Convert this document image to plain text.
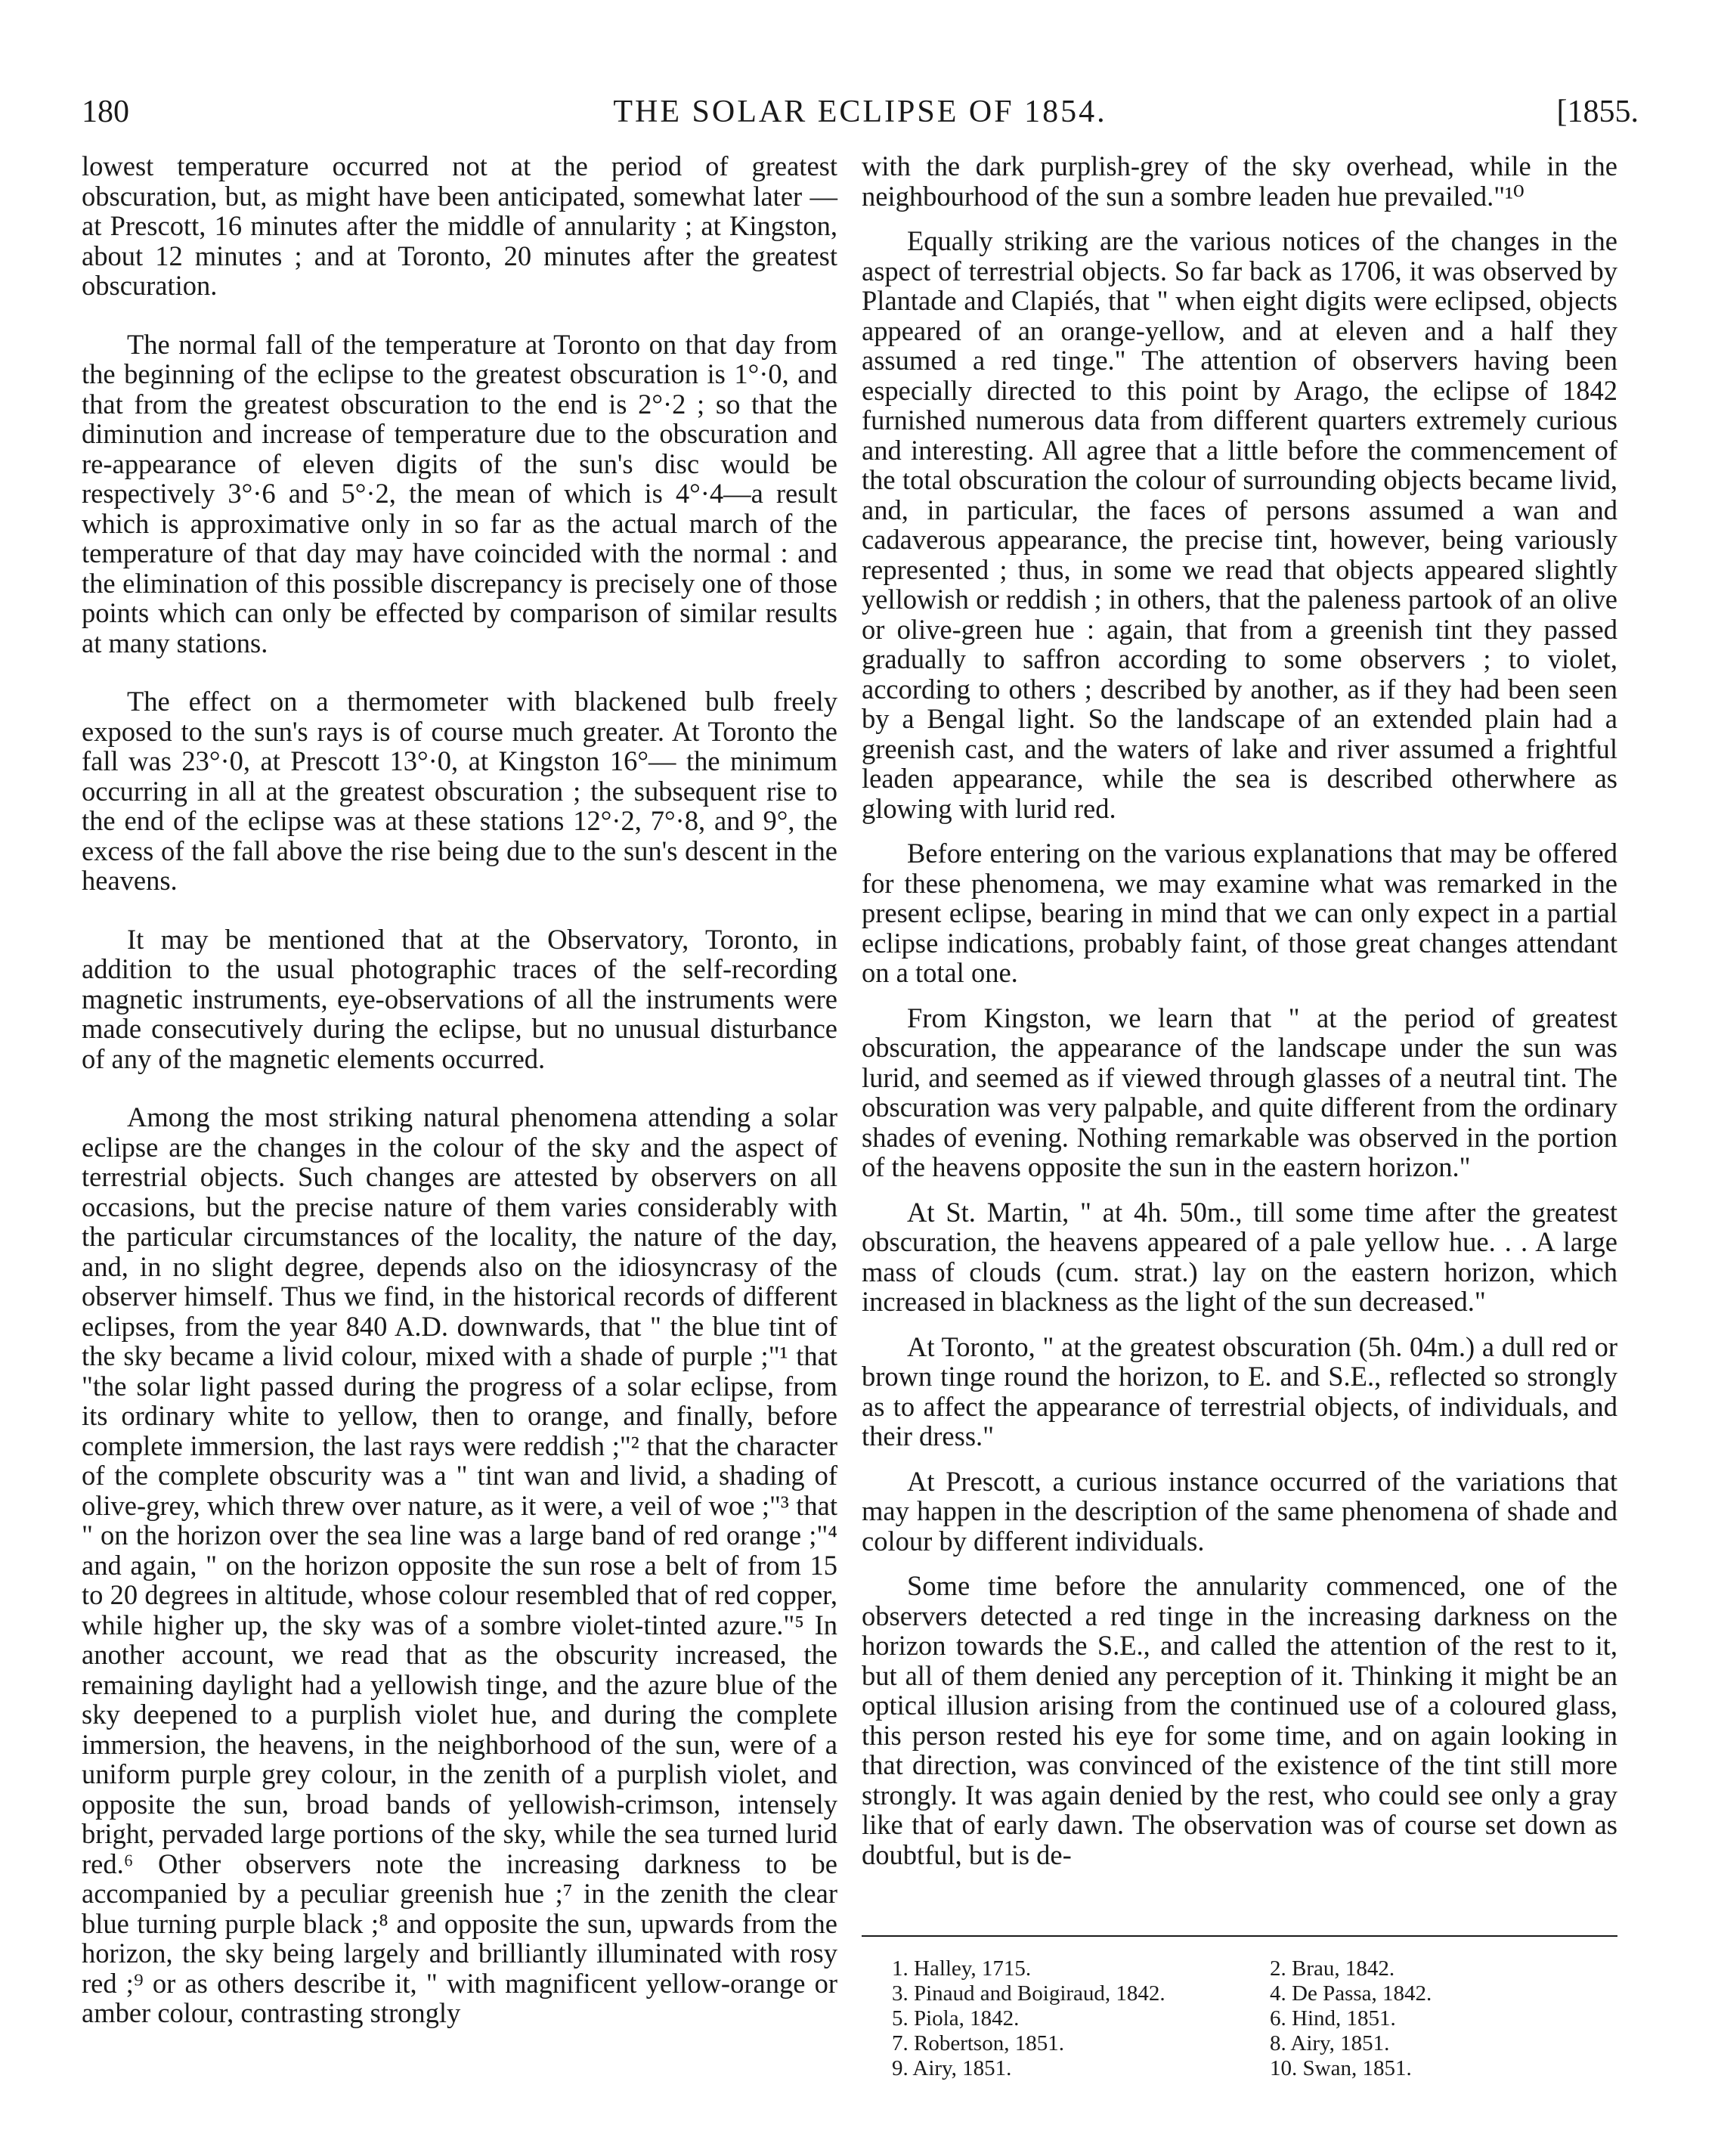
180	THE SOLAR ECLIPSE OF 1854.	[1855.

lowest temperature occurred not at the period of greatest obscuration, but, as might have been anticipated, somewhat later —at Prescott, 16 minutes after the middle of annularity ; at Kingston, about 12 minutes ; and at Toronto, 20 minutes after the greatest obscuration.

The normal fall of the temperature at Toronto on that day from the beginning of the eclipse to the greatest obscuration is 1°·0, and that from the greatest obscuration to the end is 2°·2 ; so that the diminution and increase of temperature due to the obscuration and re-appearance of eleven digits of the sun's disc would be respectively 3°·6 and 5°·2, the mean of which is 4°·4—a result which is approximative only in so far as the actual march of the temperature of that day may have coincided with the normal : and the elimination of this possible discrepancy is precisely one of those points which can only be effected by comparison of similar results at many stations.

The effect on a thermometer with blackened bulb freely exposed to the sun's rays is of course much greater. At Toronto the fall was 23°·0, at Prescott 13°·0, at Kingston 16°— the minimum occurring in all at the greatest obscuration ; the subsequent rise to the end of the eclipse was at these stations 12°·2, 7°·8, and 9°, the excess of the fall above the rise being due to the sun's descent in the heavens.

It may be mentioned that at the Observatory, Toronto, in addition to the usual photographic traces of the self-recording magnetic instruments, eye-observations of all the instruments were made consecutively during the eclipse, but no unusual disturbance of any of the magnetic elements occurred.

Among the most striking natural phenomena attending a solar eclipse are the changes in the colour of the sky and the aspect of terrestrial objects. Such changes are attested by observers on all occasions, but the precise nature of them varies considerably with the particular circumstances of the locality, the nature of the day, and, in no slight degree, depends also on the idiosyncrasy of the observer himself. Thus we find, in the historical records of different eclipses, from the year 840 A.D. downwards, that " the blue tint of the sky became a livid colour, mixed with a shade of purple ;"¹ that "the solar light passed during the progress of a solar eclipse, from its ordinary white to yellow, then to orange, and finally, before complete immersion, the last rays were reddish ;"² that the character of the complete obscurity was a " tint wan and livid, a shading of olive-grey, which threw over nature, as it were, a veil of woe ;"³ that " on the horizon over the sea line was a large band of red orange ;"⁴ and again, " on the horizon opposite the sun rose a belt of from 15 to 20 degrees in altitude, whose colour resembled that of red copper, while higher up, the sky was of a sombre violet-tinted azure."⁵ In another account, we read that as the obscurity increased, the remaining daylight had a yellowish tinge, and the azure blue of the sky deepened to a purplish violet hue, and during the complete immersion, the heavens, in the neighborhood of the sun, were of a uniform purple grey colour, in the zenith of a purplish violet, and opposite the sun, broad bands of yellowish-crimson, intensely bright, pervaded large portions of the sky, while the sea turned lurid red.⁶ Other observers note the increasing darkness to be accompanied by a peculiar greenish hue ;⁷ in the zenith the clear blue turning purple black ;⁸ and opposite the sun, upwards from the horizon, the sky being largely and brilliantly illuminated with rosy red ;⁹ or as others describe it, " with magnificent yellow-orange or amber colour, contrasting strongly

with the dark purplish-grey of the sky overhead, while in the neighbourhood of the sun a sombre leaden hue prevailed."¹⁰

Equally striking are the various notices of the changes in the aspect of terrestrial objects. So far back as 1706, it was observed by Plantade and Clapiés, that " when eight digits were eclipsed, objects appeared of an orange-yellow, and at eleven and a half they assumed a red tinge." The attention of observers having been especially directed to this point by Arago, the eclipse of 1842 furnished numerous data from different quarters extremely curious and interesting. All agree that a little before the commencement of the total obscuration the colour of surrounding objects became livid, and, in particular, the faces of persons assumed a wan and cadaverous appearance, the precise tint, however, being variously represented ; thus, in some we read that objects appeared slightly yellowish or reddish ; in others, that the paleness partook of an olive or olive-green hue : again, that from a greenish tint they passed gradually to saffron according to some observers ; to violet, according to others ; described by another, as if they had been seen by a Bengal light. So the landscape of an extended plain had a greenish cast, and the waters of lake and river assumed a frightful leaden appearance, while the sea is described otherwhere as glowing with lurid red.

Before entering on the various explanations that may be offered for these phenomena, we may examine what was remarked in the present eclipse, bearing in mind that we can only expect in a partial eclipse indications, probably faint, of those great changes attendant on a total one.

From Kingston, we learn that " at the period of greatest obscuration, the appearance of the landscape under the sun was lurid, and seemed as if viewed through glasses of a neutral tint. The obscuration was very palpable, and quite different from the ordinary shades of evening. Nothing remarkable was observed in the portion of the heavens opposite the sun in the eastern horizon."

At St. Martin, " at 4h. 50m., till some time after the greatest obscuration, the heavens appeared of a pale yellow hue. . . A large mass of clouds (cum. strat.) lay on the eastern horizon, which increased in blackness as the light of the sun decreased."

At Toronto, " at the greatest obscuration (5h. 04m.) a dull red or brown tinge round the horizon, to E. and S.E., reflected so strongly as to affect the appearance of terrestrial objects, of individuals, and their dress."

At Prescott, a curious instance occurred of the variations that may happen in the description of the same phenomena of shade and colour by different individuals.

Some time before the annularity commenced, one of the observers detected a red tinge in the increasing darkness on the horizon towards the S.E., and called the attention of the rest to it, but all of them denied any perception of it. Thinking it might be an optical illusion arising from the continued use of a coloured glass, this person rested his eye for some time, and on again looking in that direction, was convinced of the existence of the tint still more strongly. It was again denied by the rest, who could see only a gray like that of early dawn. The observation was of course set down as doubtful, but is de-

1. Halley, 1715.	2. Brau, 1842.
3. Pinaud and Boigiraud, 1842.	4. De Passa, 1842.
5. Piola, 1842.	6. Hind, 1851.
7. Robertson, 1851.	8. Airy, 1851.
9. Airy, 1851.	10. Swan, 1851.
